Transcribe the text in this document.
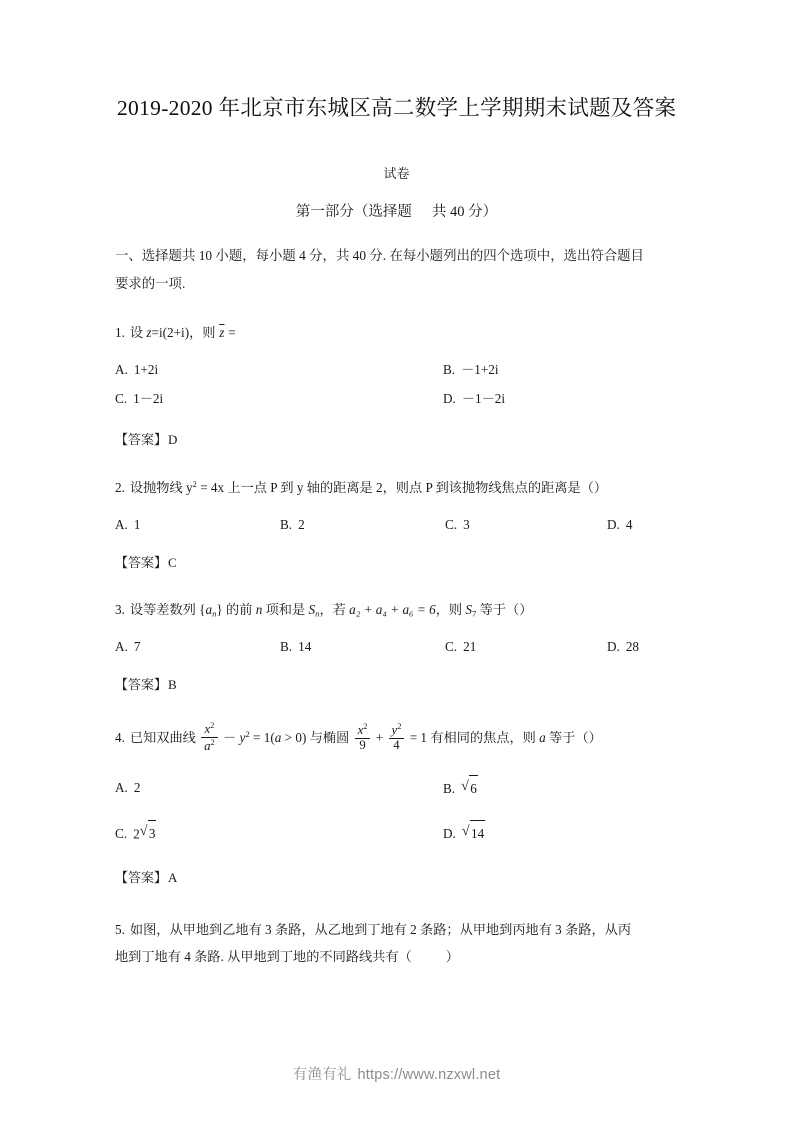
2019-2020 年北京市东城区高二数学上学期期末试题及答案
试卷
第一部分（选择题 共 40 分）
一、选择题共 10 小题，每小题 4 分，共 40 分. 在每小题列出的四个选项中，选出符合题目
要求的一项.
1. 设 z=i(2+i)，则 $\overline{z}$ =
A. 1+2i	B. －1+2i
C. 1－2i	D. －1－2i
【答案】D
2. 设抛物线 $y^2 = 4x$ 上一点 P 到 y 轴的距离是 2，则点 P 到该抛物线焦点的距离是（）
A. 1	B. 2	C. 3	D. 4
【答案】C
3. 设等差数列 $\{a_n\}$ 的前 n 项和是 $S_n$，若 a₂ + a₄ + a₆ = 6，则 $S_7$ 等于（）
A. 7	B. 14	C. 21	D. 28
【答案】B
4. 已知双曲线 $\frac{x^2}{a^2} - y^2 = 1(a > 0)$ 与椭圆 $\frac{x^2}{9} + \frac{y^2}{4} = 1$ 有相同的焦点，则 a 等于（）
A. 2	B. √ 6
C. 2 √ 3	D. √ 14
【答案】A
5. 如图，从甲地到乙地有 3 条路，从乙地到丁地有 2 条路；从甲地到丙地有 3 条路，从丙
地到丁地有 4 条路. 从甲地到丁地的不同路线共有（	）
有渔有礼 https://www.nzxwl.net
